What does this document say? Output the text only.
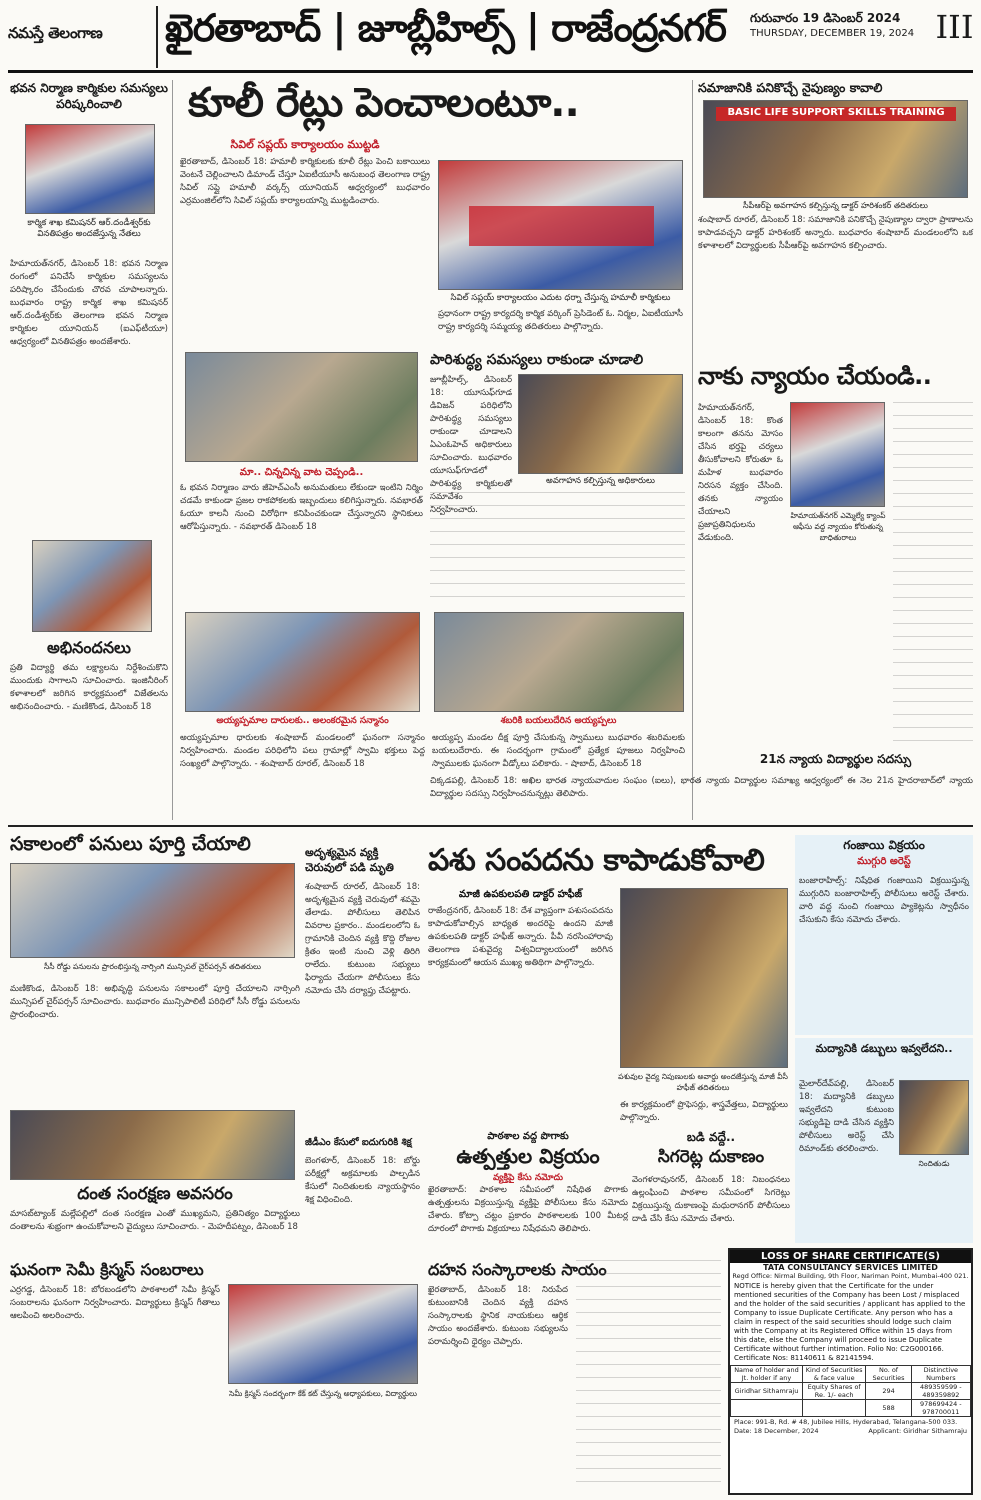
నమస్తే తెలంగాణ	ఖైరతాబాద్ | జూబ్లీహిల్స్ | రాజేంద్రనగర్	గురువారం 19 డిసెంబర్ 2024
THURSDAY, DECEMBER 19, 2024 III
భవన నిర్మాణ కార్మికుల సమస్యలు పరిష్కరించాలి
కార్మిక శాఖ కమిషనర్ ఆర్.దండీశ్వర్‌కు వినతిపత్రం అందజేస్తున్న నేతలు
హిమాయత్‌నగర్, డిసెంబర్ 18: భవన నిర్మాణ రంగంలో పనిచేసే కార్మికుల సమస్యలను పరిష్కారం చేసేందుకు చొరవ చూపాలన్నారు. బుధవారం రాష్ట్ర కార్మిక శాఖ కమిషనర్ ఆర్.దండీశ్వర్‌కు తెలంగాణ భవన నిర్మాణ కార్మికుల యూనియన్ (ఐఎఫ్‌టీయూ) ఆధ్వర్యంలో వినతిపత్రం అందజేశారు.
అభినందనలు
ప్రతి విద్యార్థి తమ లక్ష్యాలను నిర్దేశించుకొని ముందుకు సాగాలని సూచించారు. ఇంజినీరింగ్ కళాశాలలో జరిగిన కార్యక్రమంలో విజేతలను అభినందించారు. - మణికొండ, డిసెంబర్ 18
కూలీ రేట్లు పెంచాలంటూ..
సివిల్ సప్లయ్ కార్యాలయం ముట్టడి
ఖైరతాబాద్, డిసెంబర్ 18: హమాలీ కార్మికులకు కూలీ రేట్లు పెంచి బకాయిలు వెంటనే చెల్లించాలని డిమాండ్ చేస్తూ ఏఐటీయూసీ అనుబంధ తెలంగాణ రాష్ట్ర సివిల్ సప్లై హమాలీ వర్కర్స్ యూనియన్ ఆధ్వర్యంలో బుధవారం ఎర్రమంజిల్‌లోని సివిల్ సప్లయ్ కార్యాలయాన్ని ముట్టడించారు.
సివిల్ సప్లయ్ కార్యాలయం ఎదుట ధర్నా చేస్తున్న హమాలీ కార్మికులు
ప్రధానంగా రాష్ట్ర కార్యదర్శి కార్మిక వర్కింగ్ ప్రెసిడెంట్ ఓ. నిర్మల, ఏఐటీయూసీ రాష్ట్ర కార్యదర్శి సమ్మయ్య తదితరులు పాల్గొన్నారు.
మా.. చిన్నచిన్న వాట చెప్పండి..
ఓ భవన నిర్మాణం వారు జీహెచ్‌ఎంసీ అనుమతులు లేకుండా ఇంటిని నిర్మిం చడమే కాకుండా ప్రజల రాకపోకలకు ఇబ్బందులు కలిగిస్తున్నారు. నవభారత్ ఓయూ కాలనీ నుంచి విరోధిగా కనిపించకుండా చేస్తున్నారని స్థానికులు ఆరోపిస్తున్నారు. - నవభారత్ డిసెంబర్ 18
పారిశుద్ధ్య సమస్యలు రాకుండా చూడాలి
జూబ్లీహిల్స్, డిసెంబర్ 18: యూసుఫ్‌గూడ డివిజన్ పరిధిలోని పారిశుద్ధ్య సమస్యలు రాకుండా చూడాలని ఏఎంఓహెచ్ అధికారులు సూచించారు. బుధవారం యూసుఫ్‌గూడలో పారిశుద్ధ్య కార్మికులతో సమావేశం నిర్వహించారు.
అవగాహన కల్పిస్తున్న అధికారులు
అయ్యప్పమాల దారులకు.. అలంకరమైన సన్మానం
అయ్యప్పమాల ధారులకు శంషాబాద్ మండలంలో ఘనంగా సన్మానం నిర్వహించారు. మండల పరిధిలోని పలు గ్రామాల్లో స్వామి భక్తులు పెద్ద సంఖ్యలో పాల్గొన్నారు. - శంషాబాద్ రూరల్, డిసెంబర్ 18
శబరికి బయలుదేరిన అయ్యప్పలు
అయ్యప్ప మండల దీక్ష పూర్తి చేసుకున్న స్వాములు బుధవారం శబరిమలకు బయలుదేరారు. ఈ సందర్భంగా గ్రామంలో ప్రత్యేక పూజలు నిర్వహించి స్వాములకు ఘనంగా వీడ్కోలు పలికారు. - షాబాద్, డిసెంబర్ 18
సమాజానికి పనికొచ్చే నైపుణ్యం కావాలి
BASIC LIFE SUPPORT SKILLS TRAINING
సీపీఆర్‌పై అవగాహన కల్పిస్తున్న డాక్టర్ హరిశంకర్ తదితరులు
శంషాబాద్ రూరల్, డిసెంబర్ 18: సమాజానికి పనికొచ్చే నైపుణ్యాల ద్వారా ప్రాణాలను కాపాడవచ్చని డాక్టర్ హరిశంకర్ అన్నారు. బుధవారం శంషాబాద్ మండలంలోని ఒక కళాశాలలో విద్యార్థులకు సీపీఆర్‌పై అవగాహన కల్పించారు.
నాకు న్యాయం చేయండి..
హిమాయత్‌నగర్, డిసెంబర్ 18: కొంత కాలంగా తనను మోసం చేసిన భర్తపై చర్యలు తీసుకోవాలని కోరుతూ ఓ మహిళ బుధవారం నిరసన వ్యక్తం చేసింది. తనకు న్యాయం చేయాలని ప్రజాప్రతినిధులను వేడుకుంది.
హిమాయత్‌నగర్ ఎమ్మెల్యే క్యాంప్ ఆఫీసు వద్ద న్యాయం కోరుతున్న బాధితురాలు
21న న్యాయ విద్యార్థుల సదస్సు
చిక్కడపల్లి, డిసెంబర్ 18: అఖిల భారత న్యాయవాదుల సంఘం (ఐలు), భారత న్యాయ విద్యార్థుల సమాఖ్య ఆధ్వర్యంలో ఈ నెల 21న హైదరాబాద్‌లో న్యాయ విద్యార్థుల సదస్సు నిర్వహించనున్నట్లు తెలిపారు.
సకాలంలో పనులు పూర్తి చేయాలి
సీసీ రోడ్డు పనులను ప్రారంభిస్తున్న నార్సింగి మున్సిపల్ చైర్‌పర్సన్ తదితరులు
మణికొండ, డిసెంబర్ 18: అభివృద్ధి పనులను సకాలంలో పూర్తి చేయాలని నార్సింగి మున్సిపల్ చైర్‌పర్సన్ సూచించారు. బుధవారం మున్సిపాలిటీ పరిధిలో సీసీ రోడ్డు పనులను ప్రారంభించారు.
దంత సంరక్షణ అవసరం
మాసబ్‌ట్యాంక్ మల్లేపల్లిలో దంత సంరక్షణ ఎంతో ముఖ్యమని, ప్రతినిత్యం విద్యార్థులు దంతాలను శుభ్రంగా ఉంచుకోవాలని వైద్యులు సూచించారు. - మెహదీపట్నం, డిసెంబర్ 18
ఘనంగా సెమీ క్రిస్మస్ సంబరాలు
ఎర్రగడ్డ, డిసెంబర్ 18: బోరబండలోని పాఠశాలలో సెమీ క్రిస్మస్ సంబరాలను ఘనంగా నిర్వహించారు. విద్యార్థులు క్రిస్మస్ గీతాలు ఆలపించి అలరించారు.
సెమీ క్రిస్మస్ సందర్భంగా కేక్ కట్ చేస్తున్న అధ్యాపకులు, విద్యార్థులు
అదృశ్యమైన వ్యక్తి చెరువులో పడి మృతి
శంషాబాద్ రూరల్, డిసెంబర్ 18: అదృశ్యమైన వ్యక్తి చెరువులో శవమై తేలాడు. పోలీసులు తెలిపిన వివరాల ప్రకారం.. మండలంలోని ఓ గ్రామానికి చెందిన వ్యక్తి కొద్ది రోజుల క్రితం ఇంటి నుంచి వెళ్లి తిరిగి రాలేదు. కుటుంబ సభ్యులు ఫిర్యాదు చేయగా పోలీసులు కేసు నమోదు చేసి దర్యాప్తు చేపట్టారు.
జీడీఎం కేసులో ఐదుగురికి శిక్ష
బెంగళూర్, డిసెంబర్ 18: బోర్డు పరీక్షల్లో అక్రమాలకు పాల్పడిన కేసులో నిందితులకు న్యాయస్థానం శిక్ష విధించింది.
పశు సంపదను కాపాడుకోవాలి
మాజీ ఉపకులపతి డాక్టర్ హఫీజ్
రాజేంద్రనగర్, డిసెంబర్ 18: దేశ వ్యాప్తంగా పశుసంపదను కాపాడుకోవాల్సిన బాధ్యత అందరిపై ఉందని మాజీ ఉపకులపతి డాక్టర్ హఫీజ్ అన్నారు. పీవీ నరసింహారావు తెలంగాణ పశువైద్య విశ్వవిద్యాలయంలో జరిగిన కార్యక్రమంలో ఆయన ముఖ్య అతిథిగా పాల్గొన్నారు.
పశువుల వైద్య నిపుణులకు అవార్డు అందజేస్తున్న మాజీ వీసీ హఫీజ్ తదితరులు
ఈ కార్యక్రమంలో ప్రొఫెసర్లు, శాస్త్రవేత్తలు, విద్యార్థులు పాల్గొన్నారు.
పాఠశాల వద్ద పొగాకు
ఉత్పత్తుల విక్రయం
వ్యక్తిపై కేసు నమోదు
ఖైరతాబాద్: పాఠశాల సమీపంలో నిషేధిత పొగాకు ఉత్పత్తులను విక్రయిస్తున్న వ్యక్తిపై పోలీసులు కేసు నమోదు చేశారు. కోట్పా చట్టం ప్రకారం పాఠశాలలకు 100 మీటర్ల దూరంలో పొగాకు విక్రయాలు నిషేధమని తెలిపారు.
బడి వద్దే..
సిగరెట్ల దుకాణం
వెంగళరావునగర్, డిసెంబర్ 18: నిబంధనలు ఉల్లంఘించి పాఠశాల సమీపంలో సిగరెట్లు విక్రయిస్తున్న దుకాణంపై మధురానగర్ పోలీసులు దాడి చేసి కేసు నమోదు చేశారు.
దహన సంస్కారాలకు సాయం
ఖైరతాబాద్, డిసెంబర్ 18: నిరుపేద కుటుంబానికి చెందిన వ్యక్తి దహన సంస్కారాలకు స్థానిక నాయకులు ఆర్థిక సాయం అందజేశారు. కుటుంబ సభ్యులను పరామర్శించి ధైర్యం చెప్పారు.
గంజాయి విక్రయం
ముగ్గురి అరెస్ట్
బంజారాహిల్స్: నిషేధిత గంజాయిని విక్రయిస్తున్న ముగ్గురిని బంజారాహిల్స్ పోలీసులు అరెస్ట్ చేశారు. వారి వద్ద నుంచి గంజాయి ప్యాకెట్లను స్వాధీనం చేసుకుని కేసు నమోదు చేశారు.
మద్యానికి డబ్బులు ఇవ్వలేదని..
మైలార్‌దేవ్‌పల్లి, డిసెంబర్ 18: మద్యానికి డబ్బులు ఇవ్వలేదని కుటుంబ సభ్యుడిపై దాడి చేసిన వ్యక్తిని పోలీసులు అరెస్ట్ చేసి రిమాండ్‌కు తరలించారు.
నిందితుడు
LOSS OF SHARE CERTIFICATE(S)
TATA CONSULTANCY SERVICES LIMITED
Regd Office: Nirmal Building, 9th Floor, Nariman Point, Mumbai-400 021.
NOTICE is hereby given that the Certificate for the under mentioned securities of the Company has been Lost / misplaced and the holder of the said securities / applicant has applied to the Company to issue Duplicate Certificate. Any person who has a claim in respect of the said securities should lodge such claim with the Company at its Registered Office within 15 days from this date, else the Company will proceed to issue Duplicate Certificate without further intimation. Folio No: C2G000166. Certificate Nos: 81140611 & 82141594.
Name of holder and Jt. holder if any	Kind of Securities & face value	No. of Securities	Distinctive Numbers
Giridhar Sithamraju	Equity Shares of Re. 1/- each	294	489359599 - 489359892
		588	978699424 - 978700011
Place: 991-B, Rd. # 48, Jubilee Hills, Hyderabad, Telangana-500 033.
Date: 18 December, 2024	Applicant: Giridhar Sithamraju
